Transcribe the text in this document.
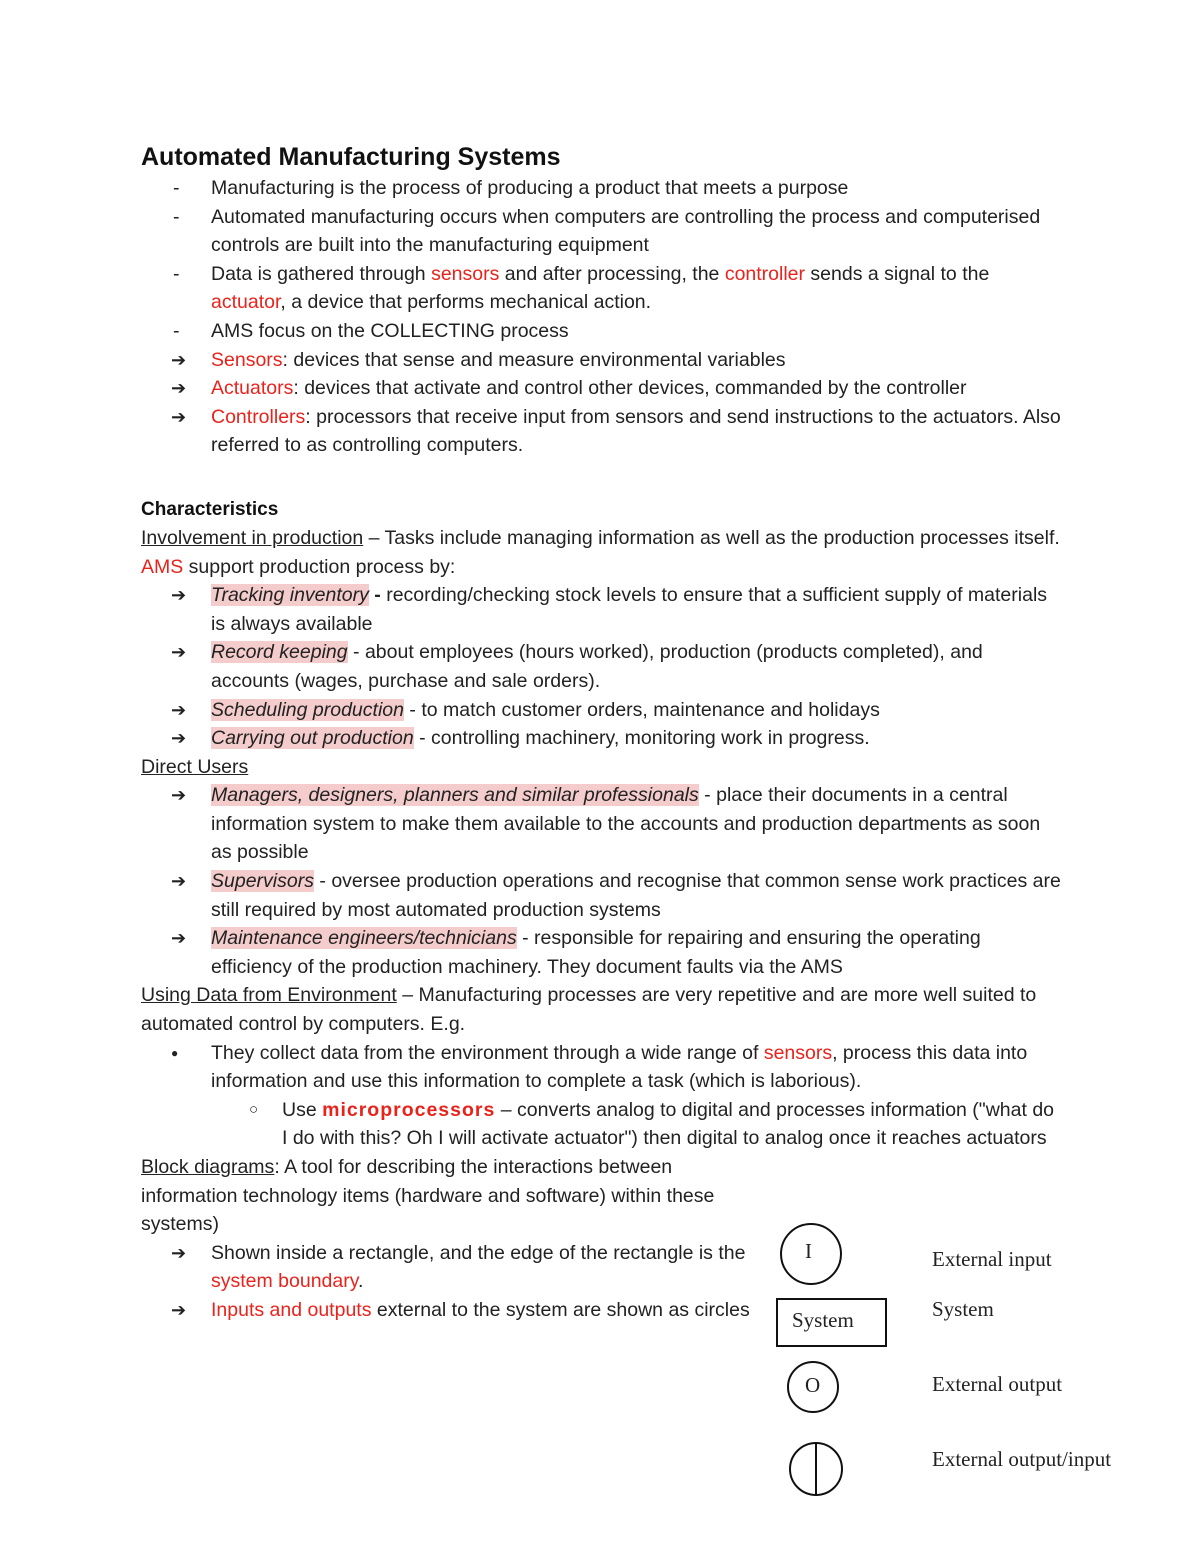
Automated Manufacturing Systems
-	Manufacturing is the process of producing a product that meets a purpose
-	Automated manufacturing occurs when computers are controlling the process and computerised controls are built into the manufacturing equipment
-	Data is gathered through sensors and after processing, the controller sends a signal to the actuator, a device that performs mechanical action.
-	AMS focus on the COLLECTING process
➔	Sensors: devices that sense and measure environmental variables
➔	Actuators: devices that activate and control other devices, commanded by the controller
➔	Controllers: processors that receive input from sensors and send instructions to the actuators. Also referred to as controlling computers.
Characteristics
Involvement in production – Tasks include managing information as well as the production processes itself. AMS support production process by:
➔	Tracking inventory - recording/checking stock levels to ensure that a sufficient supply of materials is always available
➔	Record keeping - about employees (hours worked), production (products completed), and accounts (wages, purchase and sale orders).
➔	Scheduling production - to match customer orders, maintenance and holidays
➔	Carrying out production - controlling machinery, monitoring work in progress.
Direct Users
➔	Managers, designers, planners and similar professionals - place their documents in a central information system to make them available to the accounts and production departments as soon as possible
➔	Supervisors - oversee production operations and recognise that common sense work practices are still required by most automated production systems
➔	Maintenance engineers/technicians - responsible for repairing and ensuring the operating efficiency of the production machinery. They document faults via the AMS
Using Data from Environment – Manufacturing processes are very repetitive and are more well suited to automated control by computers. E.g.
●	They collect data from the environment through a wide range of sensors, process this data into information and use this information to complete a task (which is laborious).
○	Use microprocessors – converts analog to digital and processes information ("what do I do with this? Oh I will activate actuator") then digital to analog once it reaches actuators
Block diagrams: A tool for describing the interactions between information technology items (hardware and software) within these systems)
➔	Shown inside a rectangle, and the edge of the rectangle is the system boundary.
➔	Inputs and outputs external to the system are shown as circles
I
System
O
External input
System
External output
External output/input
